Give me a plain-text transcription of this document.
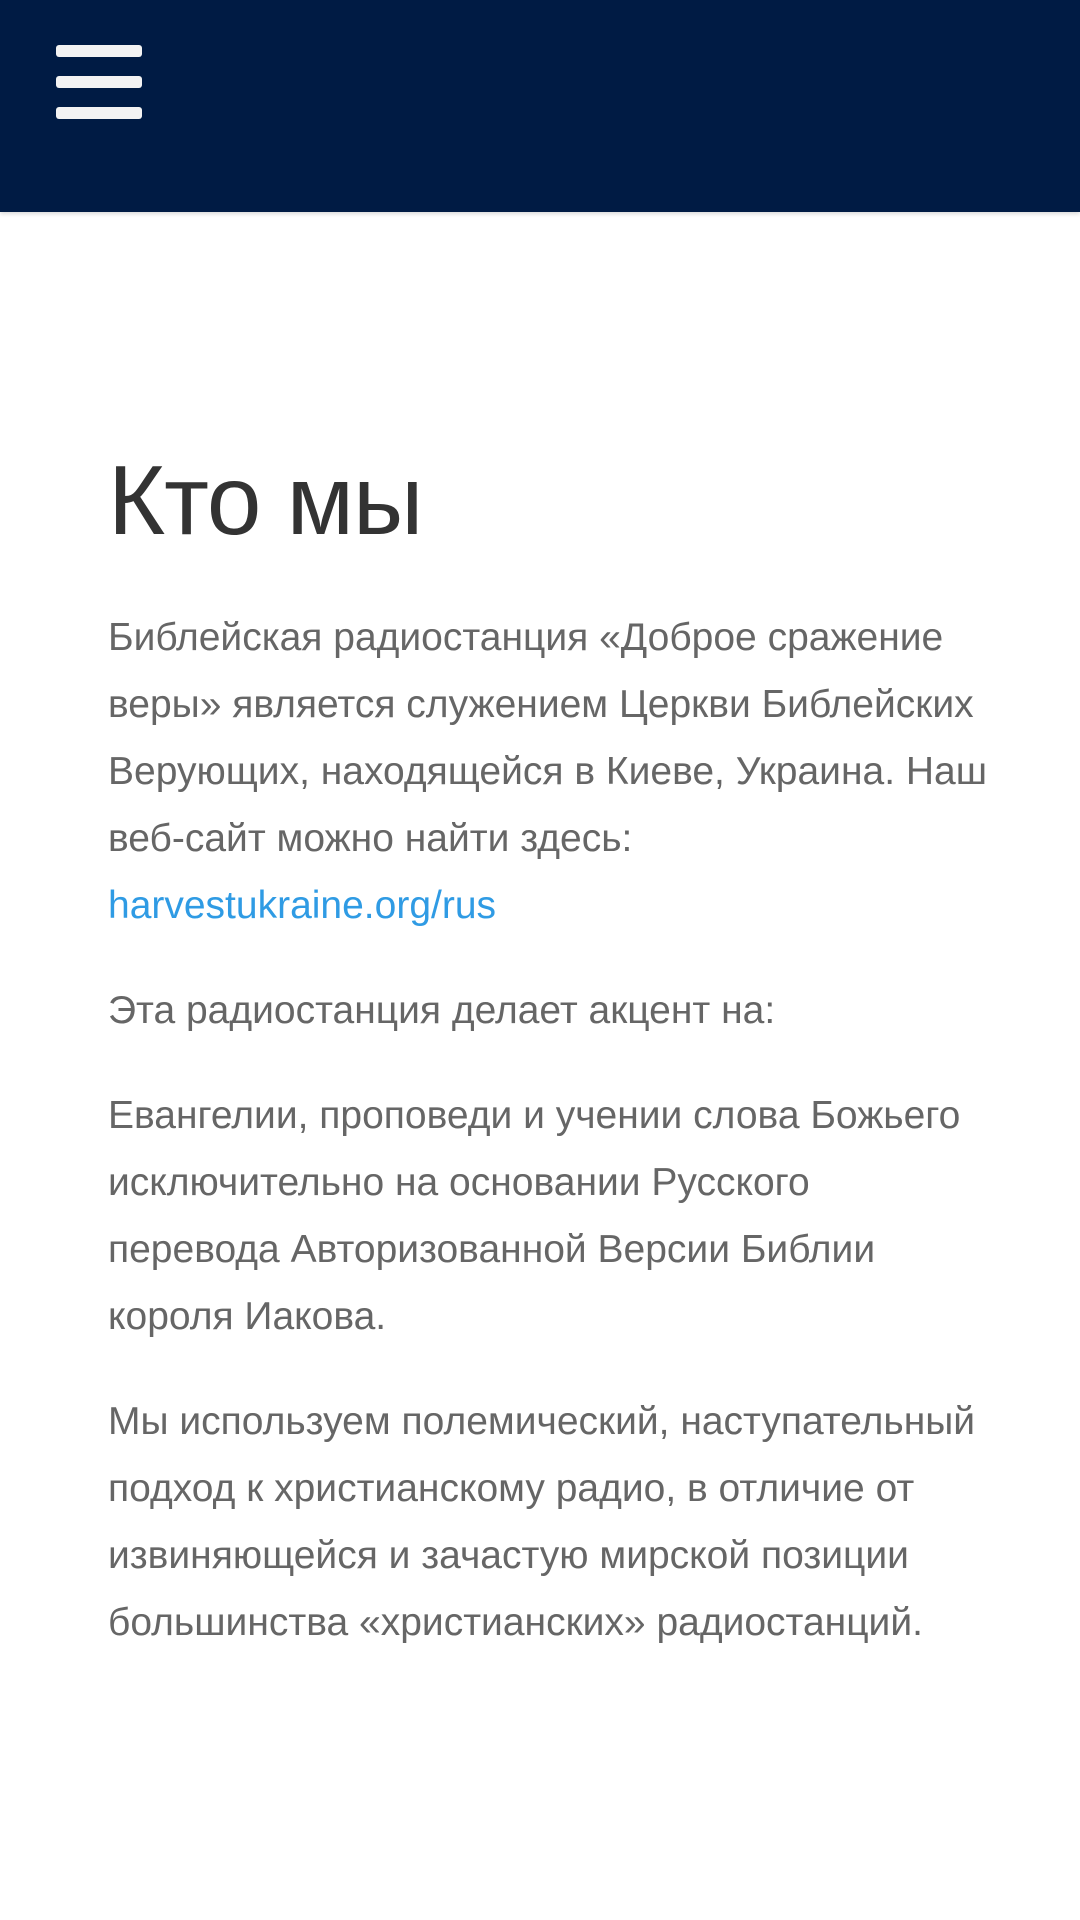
Кто мы

Библейская радиостанция «Доброе сражение веры» является служением Церкви Библейских Верующих, находящейся в Киеве, Украина. Наш веб-сайт можно найти здесь:
harvestukraine.org/rus

Эта радиостанция делает акцент на:

Евангелии, проповеди и учении слова Божьего исключительно на основании Русского перевода Авторизованной Версии Библии короля Иакова.

Мы используем полемический, наступательный подход к христианскому радио, в отличие от извиняющейся и зачастую мирской позиции большинства «христианских» радиостанций.
